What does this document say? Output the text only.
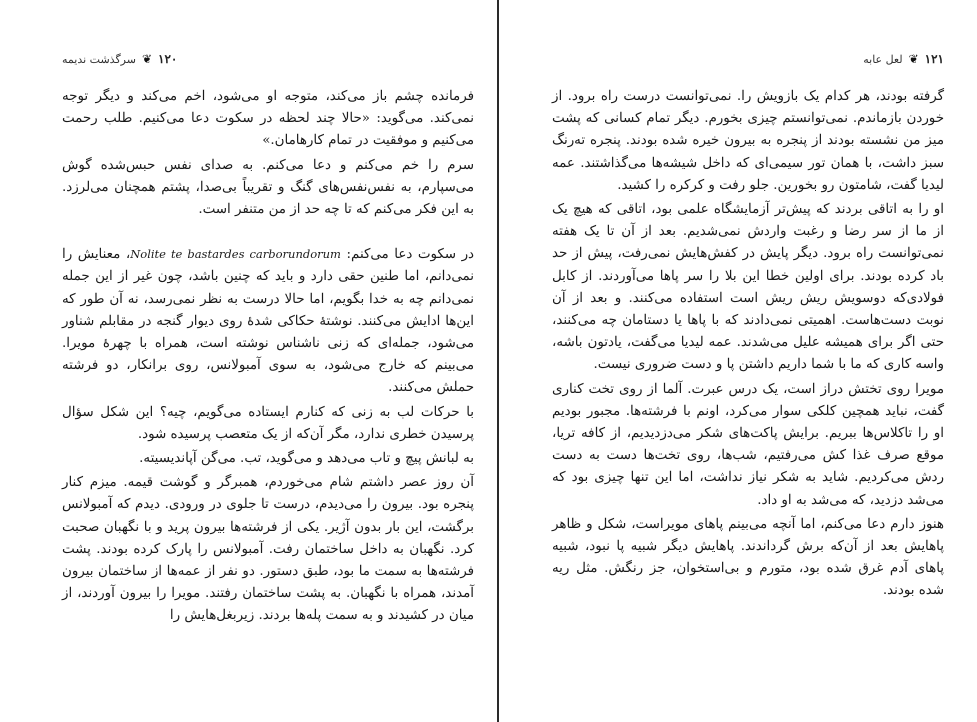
۱۲۰
❦
سرگذشت ندیمه

فرمانده چشم باز می‌کند، متوجه او می‌شود، اخم می‌کند و دیگر توجه نمی‌کند. می‌گوید: «حالا چند لحظه در سکوت دعا می‌کنیم. طلب رحمت می‌کنیم و موفقیت در تمام کارهامان.»

سرم را خم می‌کنم و دعا می‌کنم. به صدای نفس حبس‌شده گوش می‌سپارم، به نفس‌نفس‌های گنگ و تقریباً بی‌صدا، پشتم همچنان می‌لرزد. به این فکر می‌کنم که تا چه حد از من متنفر است.

در سکوت دعا می‌کنم: Nolite te bastardes carborundorum، معنایش را نمی‌دانم، اما طنین حقی دارد و باید که چنین باشد، چون غیر از این جمله نمی‌دانم چه به خدا بگویم، اما حالا درست به نظر نمی‌رسد، نه آن طور که این‌ها ادایش می‌کنند. نوشتهٔ حکاکی شدهٔ روی دیوار گنجه در مقابلم شناور می‌شود، جمله‌ای که زنی ناشناس نوشته است، همراه با چهرهٔ مویرا. می‌بینم که خارج می‌شود، به سوی آمبولانس، روی برانکار، دو فرشته حملش می‌کنند.

با حرکات لب به زنی که کنارم ایستاده می‌گویم، چیه؟ این شکل سؤال پرسیدن خطری ندارد، مگر آن‌که از یک متعصب پرسیده شود.

به لبانش پیچ و تاب می‌دهد و می‌گوید، تب. می‌گن آپاندیسیته.

آن روز عصر داشتم شام می‌خوردم، همبرگر و گوشت قیمه. میزم کنار پنجره بود. بیرون را می‌دیدم، درست تا جلوی در ورودی. دیدم که آمبولانس برگشت، این بار بدون آژیر. یکی از فرشته‌ها بیرون پرید و با نگهبان صحبت کرد. نگهبان به داخل ساختمان رفت. آمبولانس را پارک کرده بودند. پشت فرشته‌ها به سمت ما بود، طبق دستور. دو نفر از عمه‌ها از ساختمان بیرون آمدند، همراه با نگهبان. به پشت ساختمان رفتند. مویرا را بیرون آوردند، از میان در کشیدند و به سمت پله‌ها بردند. زیربغل‌هایش را

۱۲۱
❦
لعل عابه

گرفته بودند، هر کدام یک بازویش را. نمی‌توانست درست راه برود. از خوردن بازماندم. نمی‌توانستم چیزی بخورم. دیگر تمام کسانی که پشت میز من نشسته بودند از پنجره به بیرون خیره شده بودند. پنجره ته‌رنگ سبز داشت، با همان تور سیمی‌ای که داخل شیشه‌ها می‌گذاشتند. عمه لیدیا گفت، شامتون رو بخورین. جلو رفت و کرکره را کشید.

او را به اتاقی بردند که پیش‌تر آزمایشگاه علمی بود، اتاقی که هیچ یک از ما از سر رضا و رغبت واردش نمی‌شدیم. بعد از آن تا یک هفته نمی‌توانست راه برود. دیگر پایش در کفش‌هایش نمی‌رفت، پیش از حد باد کرده بودند. برای اولین خطا این بلا را سر پاها می‌آوردند. از کابل فولادی‌که دوسویش ریش ریش است استفاده می‌کنند. و بعد از آن نوبت دست‌هاست. اهمیتی نمی‌دادند که با پاها یا دستامان چه می‌کنند، حتی اگر برای همیشه علیل می‌شدند. عمه لیدیا می‌گفت، یادتون باشه، واسه کاری که ما با شما داریم داشتن پا و دست ضروری نیست.

مویرا روی تختش دراز است، یک درس عبرت. آلما از روی تخت کناری گفت، نباید همچین کلکی سوار می‌کرد، اونم با فرشته‌ها. مجبور بودیم او را تاکلاس‌ها ببریم. برایش پاکت‌های شکر می‌دزدیدیم، از کافه تریا، موقع صرف غذا کش می‌رفتیم، شب‌ها، روی تخت‌ها دست به دست ردش می‌کردیم. شاید به شکر نیاز نداشت، اما این تنها چیزی بود که می‌شد دزدید، که می‌شد به او داد.

هنوز دارم دعا می‌کنم، اما آنچه می‌بینم پاهای مویراست، شکل و ظاهر پاهایش بعد از آن‌که برش گرداندند. پاهایش دیگر شبیه پا نبود، شبیه پاهای آدم غرق شده بود، متورم و بی‌استخوان، جز رنگش. مثل ریه شده بودند.
